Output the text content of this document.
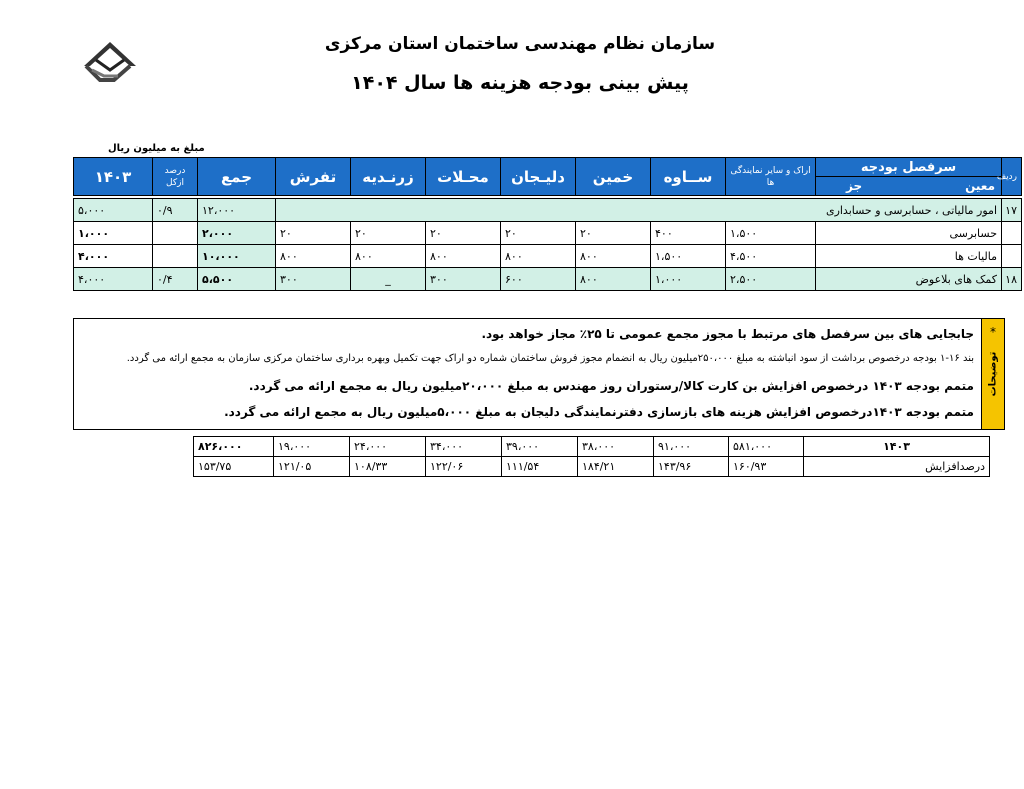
سازمان نظام مهندسی ساختمان استان مرکزی
پیش بینی بودجه هزینه ها سال ۱۴۰۴
مبلغ به میلیون ریال
ردیف	سرفصل بودجه	اراک و سایر نمایندگی ها	ســاوه	خمین	دلیـجان	محـلات	زرنـدیه	تفرش	جمع	درصد ازکل	۱۴۰۳

	معین
جز										

۱۷	امور مالیاتی ، حسابرسی و حسابداری								۱۲،۰۰۰	۰/۹	۵،۰۰۰
	حسابرسی	۱،۵۰۰	۴۰۰	۲۰	۲۰	۲۰	۲۰	۲۰	۲،۰۰۰		۱،۰۰۰
	مالیات ها	۴،۵۰۰	۱،۵۰۰	۸۰۰	۸۰۰	۸۰۰	۸۰۰	۸۰۰	۱۰،۰۰۰		۴،۰۰۰
۱۸	کمک های بلاعوض	۲،۵۰۰	۱،۰۰۰	۸۰۰	۶۰۰	۳۰۰	_	۳۰۰	۵،۵۰۰	۰/۴	۴،۰۰۰
*
توضیحات
جابجایی های بین سرفصل های مرتبط با مجوز مجمع عمومی تا ۲۵٪ مجاز خواهد بود.
بند ۱۶-۱ بودجه درخصوص برداشت از سود انباشته به مبلغ ۲۵۰،۰۰۰میلیون ریال به انضمام مجوز فروش ساختمان شماره دو اراک جهت تکمیل وبهره برداری ساختمان مرکزی سازمان به مجمع ارائه می گردد.
متمم بودجه ۱۴۰۳ درخصوص افزایش بن کارت کالا/رستوران روز مهندس به مبلغ ۲۰،۰۰۰میلیون ریال به مجمع ارائه می گردد.
متمم بودجه ۱۴۰۳درخصوص افزایش هزینه های بازسازی دفترنمایندگی دلیجان به مبلغ ۵،۰۰۰میلیون ریال به مجمع ارائه می گردد.
۱۴۰۳	۵۸۱،۰۰۰	۹۱،۰۰۰	۳۸،۰۰۰	۳۹،۰۰۰	۳۴،۰۰۰	۲۴،۰۰۰	۱۹،۰۰۰	۸۲۶،۰۰۰
درصدافزایش	۱۶۰/۹۳	۱۴۳/۹۶	۱۸۴/۲۱	۱۱۱/۵۴	۱۲۲/۰۶	۱۰۸/۳۳	۱۲۱/۰۵	۱۵۳/۷۵
